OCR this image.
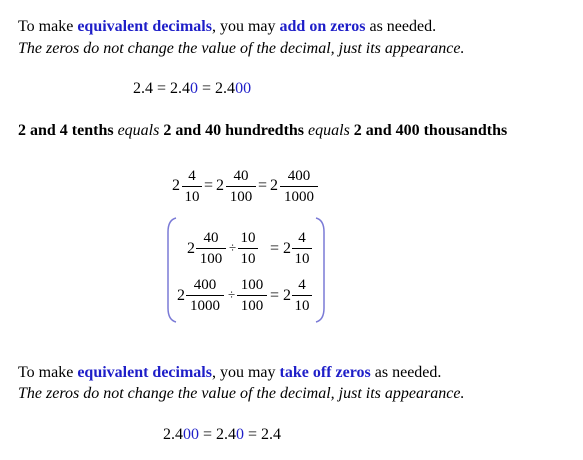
To make equivalent decimals, you may add on zeros as needed.
The zeros do not change the value of the decimal, just its appearance.
2.4 = 2.40 = 2.400
2 and 4 tenths equals 2 and 40 hundredths equals 2 and 400 thousandths
2
4
10
= 2
40
100
= 2
400
1000
2
40
100
÷
10
10
= 2
4
10
2
400
1000
÷
100
100
= 2
4
10
To make equivalent decimals, you may take off zeros as needed.
The zeros do not change the value of the decimal, just its appearance.
2.400 = 2.40 = 2.4
